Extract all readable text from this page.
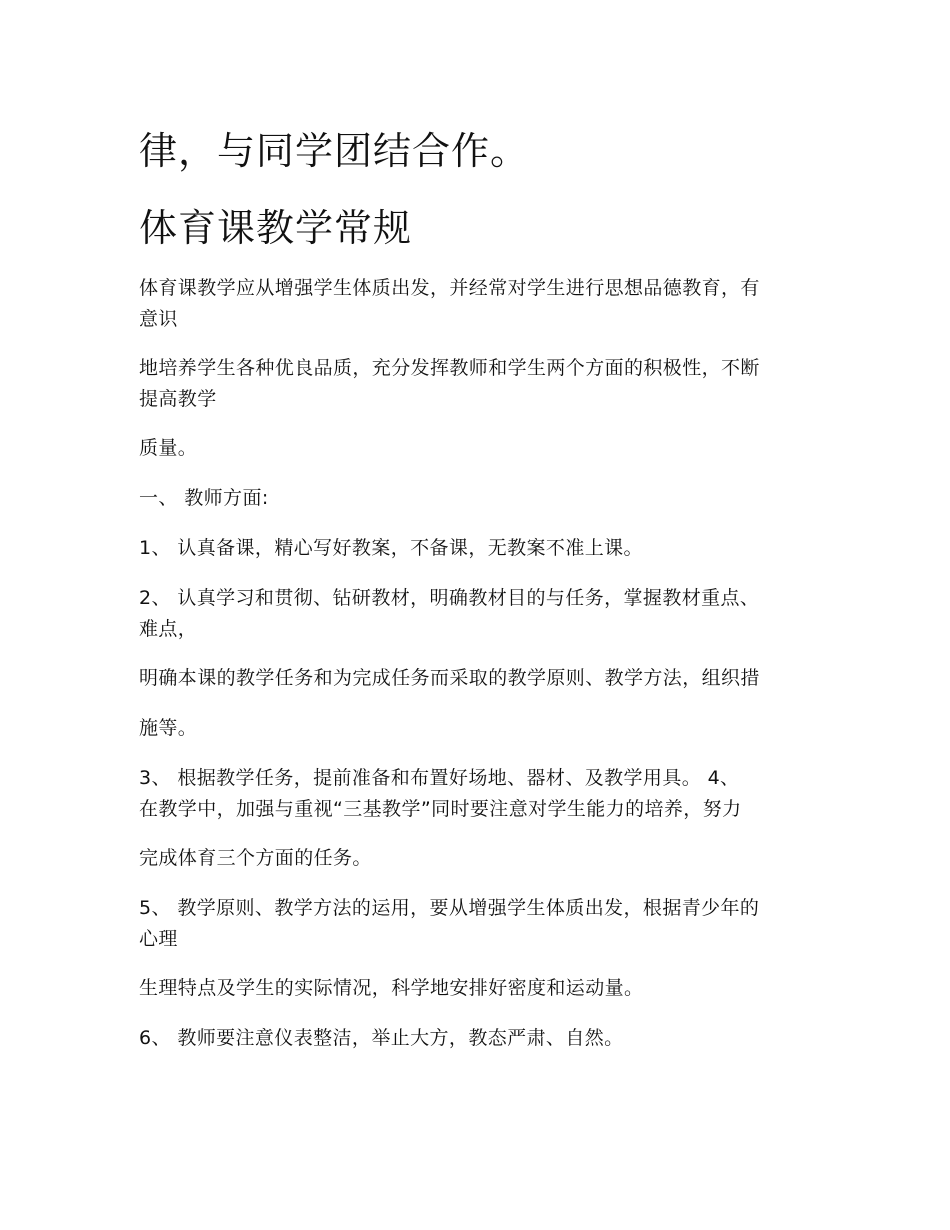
律，与同学团结合作。
体育课教学常规
体育课教学应从增强学生体质出发，并经常对学生进行思想品德教育，有
意识
地培养学生各种优良品质，充分发挥教师和学生两个方面的积极性，不断
提高教学
质量。
一、 教师方面:
1、 认真备课，精心写好教案，不备课，无教案不准上课。
2、 认真学习和贯彻、钻研教材，明确教材目的与任务，掌握教材重点、
难点，
明确本课的教学任务和为完成任务而采取的教学原则、教学方法，组织措
施等。
3、 根据教学任务，提前准备和布置好场地、器材、及教学用具。 4、
在教学中，加强与重视“三基教学”同时要注意对学生能力的培养，努力
完成体育三个方面的任务。
5、 教学原则、教学方法的运用，要从增强学生体质出发，根据青少年的
心理
生理特点及学生的实际情况，科学地安排好密度和运动量。
6、 教师要注意仪表整洁，举止大方，教态严肃、自然。
